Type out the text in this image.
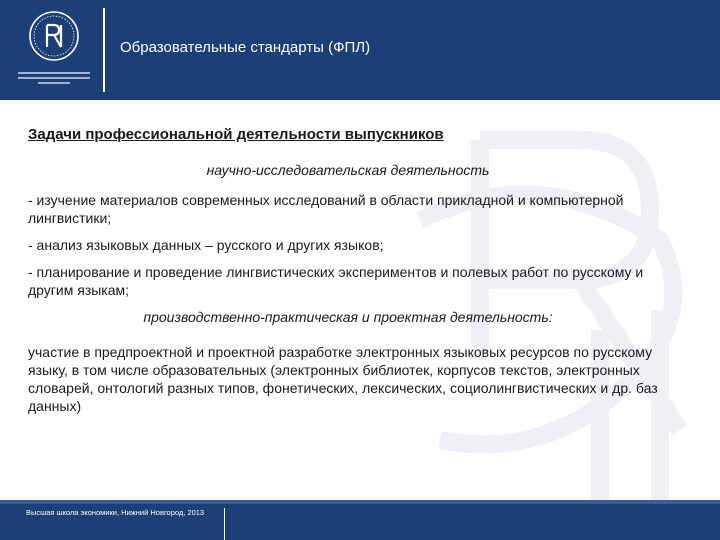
Образовательные стандарты (ФПЛ)

Задачи профессиональной деятельности выпускников

научно-исследовательская деятельность

- изучение материалов современных исследований в области прикладной и компьютерной лингвистики;

- анализ языковых данных – русского и других языков;

- планирование и проведение лингвистических экспериментов и полевых работ по русскому и другим языкам;

производственно-практическая и проектная деятельность:

участие в предпроектной и проектной разработке электронных языковых ресурсов по русскому языку, в том числе образовательных (электронных библиотек, корпусов текстов, электронных словарей, онтологий разных типов, фонетических, лексических, социолингвистических и др. баз данных)

Высшая школа экономики, Нижний Новгород, 2013
